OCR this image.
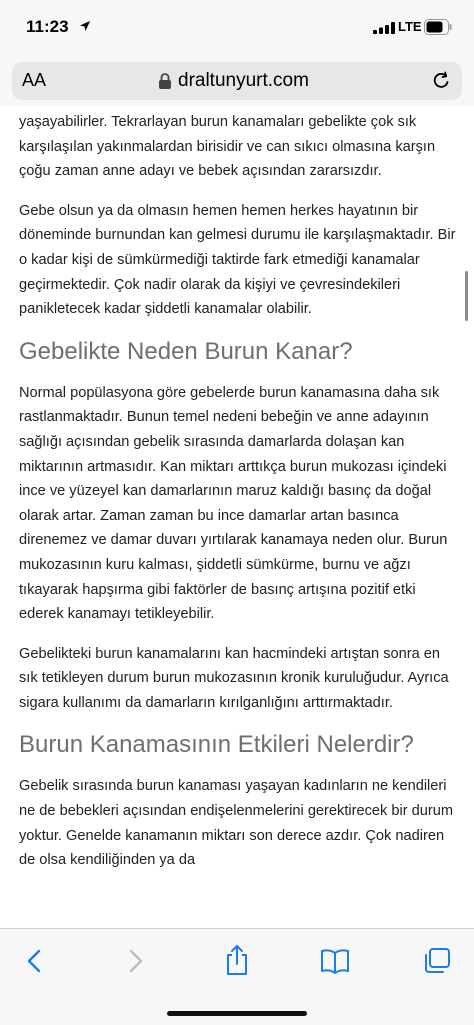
11:23	LTE
AA	draltunyurt.com

yaşayabilirler. Tekrarlayan burun kanamaları gebelikte çok sık karşılaşılan yakınmalardan birisidir ve can sıkıcı olmasına karşın çoğu zaman anne adayı ve bebek açısından zararsızdır.

Gebe olsun ya da olmasın hemen hemen herkes hayatının bir döneminde burnundan kan gelmesi durumu ile karşılaşmaktadır. Bir o kadar kişi de sümkürmediği taktirde fark etmediği kanamalar geçirmektedir. Çok nadir olarak da kişiyi ve çevresindekileri panikletecek kadar şiddetli kanamalar olabilir.

Gebelikte Neden Burun Kanar?

Normal popülasyona göre gebelerde burun kanamasına daha sık rastlanmaktadır. Bunun temel nedeni bebeğin ve anne adayının sağlığı açısından gebelik sırasında damarlarda dolaşan kan miktarının artmasıdır. Kan miktarı arttıkça burun mukozası içindeki ince ve yüzeyel kan damarlarının maruz kaldığı basınç da doğal olarak artar. Zaman zaman bu ince damarlar artan basınca direnemez ve damar duvarı yırtılarak kanamaya neden olur. Burun mukozasının kuru kalması, şiddetli sümkürme, burnu ve ağzı tıkayarak hapşırma gibi faktörler de basınç artışına pozitif etki ederek kanamayı tetikleyebilir.

Gebelikteki burun kanamalarını kan hacmindeki artıştan sonra en sık tetikleyen durum burun mukozasının kronik kuruluğudur. Ayrıca sigara kullanımı da damarların kırılganlığını arttırmaktadır.

Burun Kanamasının Etkileri Nelerdir?

Gebelik sırasında burun kanaması yaşayan kadınların ne kendileri ne de bebekleri açısından endişelenmelerini gerektirecek bir durum yoktur. Genelde kanamanın miktarı son derece azdır. Çok nadiren de olsa kendiliğinden ya da
